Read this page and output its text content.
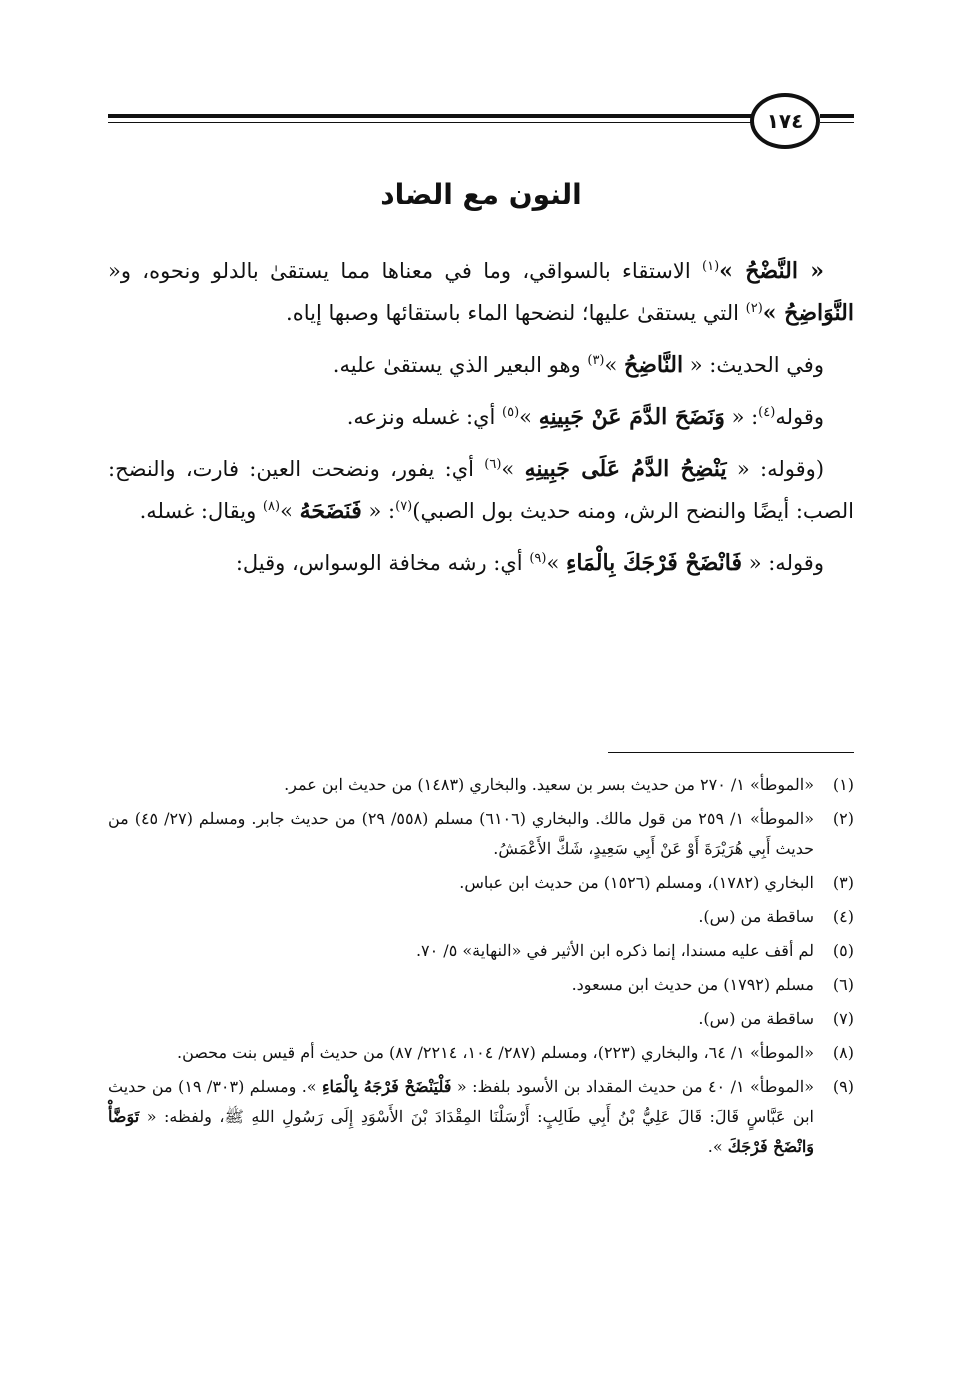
١٧٤
النون مع الضاد

« النَّضْحُ »$^{(١)}$ الاستقاء بالسواقي، وما في معناها مما يستقىٰ بالدلو ونحوه، و« النَّوَاضِحُ »$^{(٢)}$ التي يستقىٰ عليها؛ لنضحها الماء باستقائها وصبها إياه.

وفي الحديث: « النَّاضِحُ »$^{(٣)}$ وهو البعير الذي يستقىٰ عليه.

وقوله$^{(٤)}$: « وَنَضَحَ الدَّمَ عَنْ جَبِينِهِ »$^{(٥)}$ أي: غسله ونزعه.

(وقوله: « يَنْضِحُ الدَّمُ عَلَى جَبِينِهِ »$^{(٦)}$ أي: يفور، ونضحت العين: فارت، والنضح: الصب: أيضًا والنضح الرش، ومنه حديث بول الصبي)$^{(٧)}$: « فَنَضَحَهُ »$^{(٨)}$ ويقال: غسله.

وقوله: « فَانْضَحْ فَرْجَكَ بِالْمَاءِ »$^{(٩)}$ أي: رشه مخافة الوسواس، وقيل:

(١)
«الموطأ» ١/ ٢٧٠ من حديث بسر بن سعيد. والبخاري (١٤٨٣) من حديث ابن عمر.
(٢)
«الموطأ» ١/ ٢٥٩ من قول مالك. والبخاري (٦١٠٦) مسلم (٥٥٨/ ٢٩) من حديث جابر. ومسلم (٢٧/ ٤٥) من حديث أَبِي هُرَيْرَةَ أَوْ عَنْ أَبِي سَعِيدٍ، شَكَّ الأَعْمَشُ.
(٣)
البخاري (١٧٨٢)، ومسلم (١٥٢٦) من حديث ابن عباس.
(٤)
ساقطة من (س).
(٥)
لم أقف عليه مسندا، إنما ذكره ابن الأثير في «النهاية» ٥/ ٧٠.
(٦)
مسلم (١٧٩٢) من حديث ابن مسعود.
(٧)
ساقطة من (س).
(٨)
«الموطأ» ١/ ٦٤، والبخاري (٢٢٣)، ومسلم (٢٨٧/ ١٠٤، ٢٢١٤/ ٨٧) من حديث أم قيس بنت محصن.
(٩)
«الموطأ» ١/ ٤٠ من حديث المقداد بن الأسود بلفظ: « فَلْيَنْضَحْ فَرْجَهُ بِالْمَاءِ ». ومسلم (٣٠٣/ ١٩) من حديث ابن عَبَّاسٍ قَالَ: قَالَ عَلِيُّ بْنُ أَبِي طَالِبٍ: أَرْسَلْنَا المِقْدَادَ بْنَ الأَسْوَدِ إِلَى رَسُولِ اللهِ ﷺ، ولفظه: « تَوَضَّأْ وَانْضَحْ فَرْجَكَ ».
